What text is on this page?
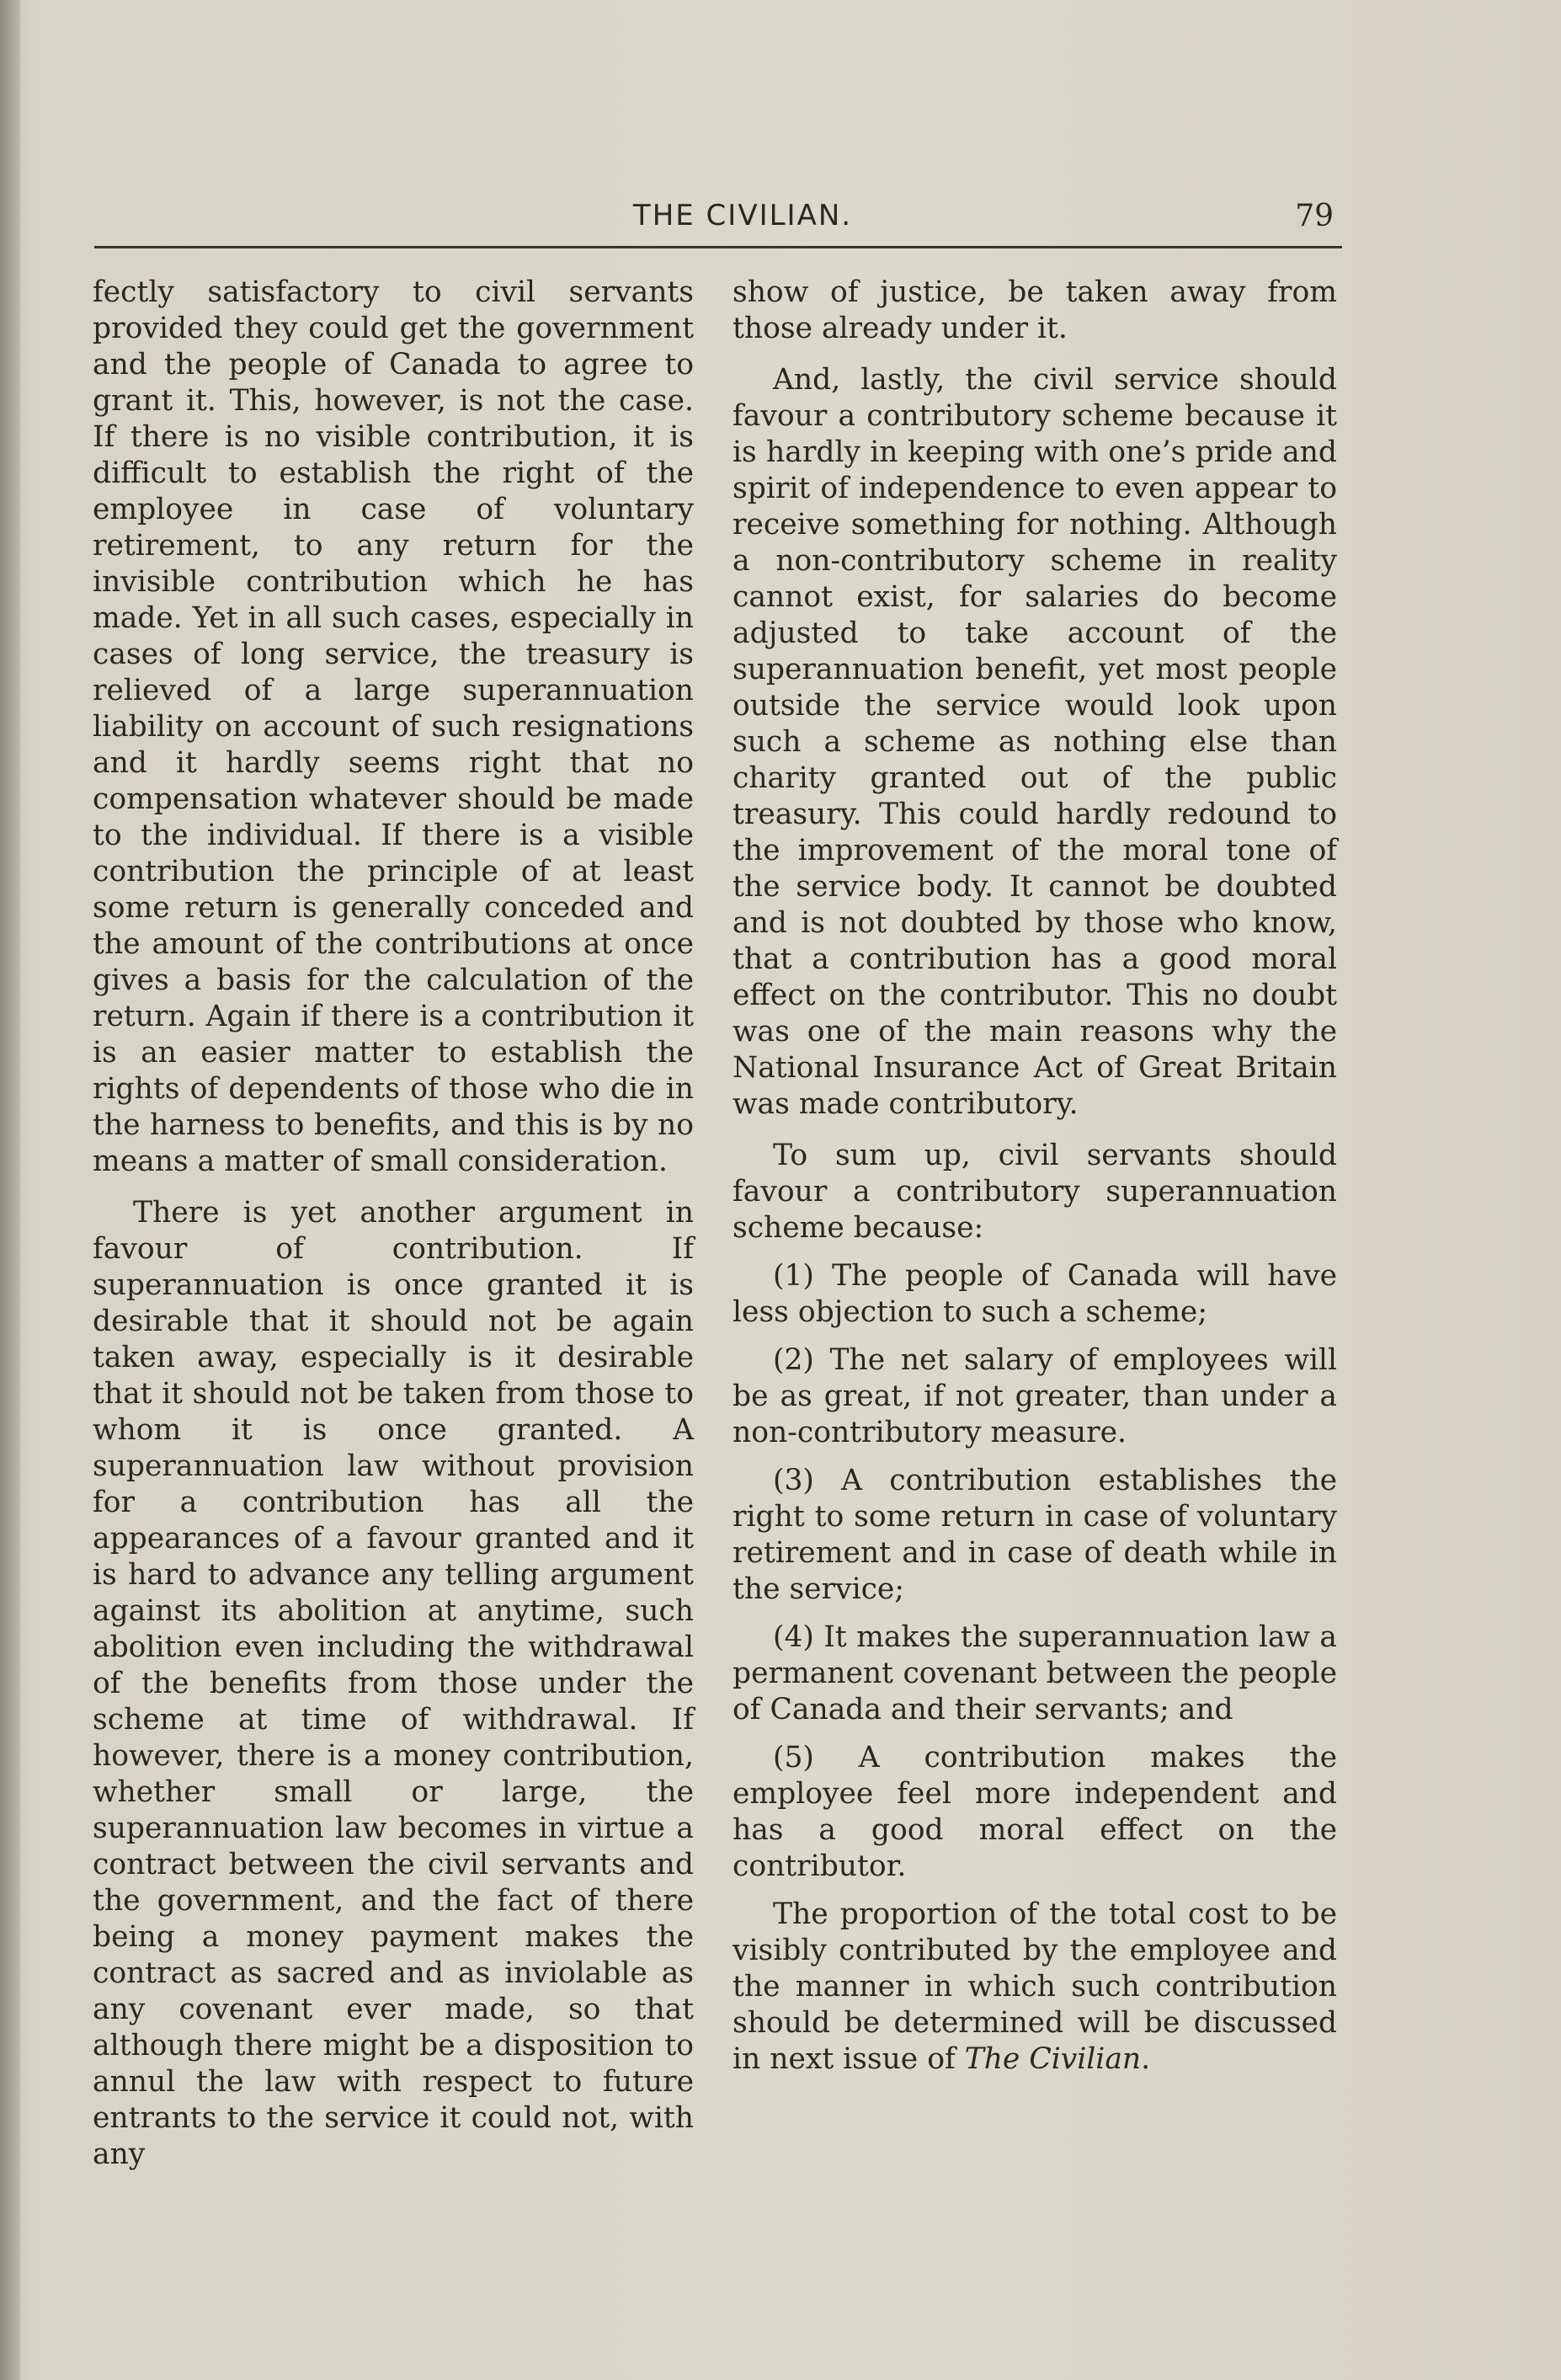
THE CIVILIAN.	79

fectly satisfactory to civil servants provided they could get the government and the people of Canada to agree to grant it. This, however, is not the case. If there is no visible contribution, it is difficult to establish the right of the employee in case of voluntary retirement, to any return for the invisible contribution which he has made. Yet in all such cases, especially in cases of long service, the treasury is relieved of a large superannuation liability on account of such resignations and it hardly seems right that no compensation whatever should be made to the individual. If there is a visible contribution the principle of at least some return is generally conceded and the amount of the contributions at once gives a basis for the calculation of the return. Again if there is a contribution it is an easier matter to establish the rights of dependents of those who die in the harness to benefits, and this is by no means a matter of small consideration.

There is yet another argument in favour of contribution. If superannuation is once granted it is desirable that it should not be again taken away, especially is it desirable that it should not be taken from those to whom it is once granted. A superannuation law without provision for a contribution has all the appearances of a favour granted and it is hard to advance any telling argument against its abolition at anytime, such abolition even including the withdrawal of the benefits from those under the scheme at time of withdrawal. If however, there is a money contribution, whether small or large, the superannuation law becomes in virtue a contract between the civil servants and the government, and the fact of there being a money payment makes the contract as sacred and as inviolable as any covenant ever made, so that although there might be a disposition to annul the law with respect to future entrants to the service it could not, with any

show of justice, be taken away from those already under it.

And, lastly, the civil service should favour a contributory scheme because it is hardly in keeping with one’s pride and spirit of independence to even appear to receive something for nothing. Although a non-contributory scheme in reality cannot exist, for salaries do become adjusted to take account of the superannuation benefit, yet most people outside the service would look upon such a scheme as nothing else than charity granted out of the public treasury. This could hardly redound to the improvement of the moral tone of the service body. It cannot be doubted and is not doubted by those who know, that a contribution has a good moral effect on the contributor. This no doubt was one of the main reasons why the National Insurance Act of Great Britain was made contributory.

To sum up, civil servants should favour a contributory superannuation scheme because:

(1) The people of Canada will have less objection to such a scheme;

(2) The net salary of employees will be as great, if not greater, than under a non-contributory measure.

(3) A contribution establishes the right to some return in case of voluntary retirement and in case of death while in the service;

(4) It makes the superannuation law a permanent covenant between the people of Canada and their servants; and

(5) A contribution makes the employee feel more independent and has a good moral effect on the contributor.

The proportion of the total cost to be visibly contributed by the employee and the manner in which such contribution should be determined will be discussed in next issue of The Civilian.
